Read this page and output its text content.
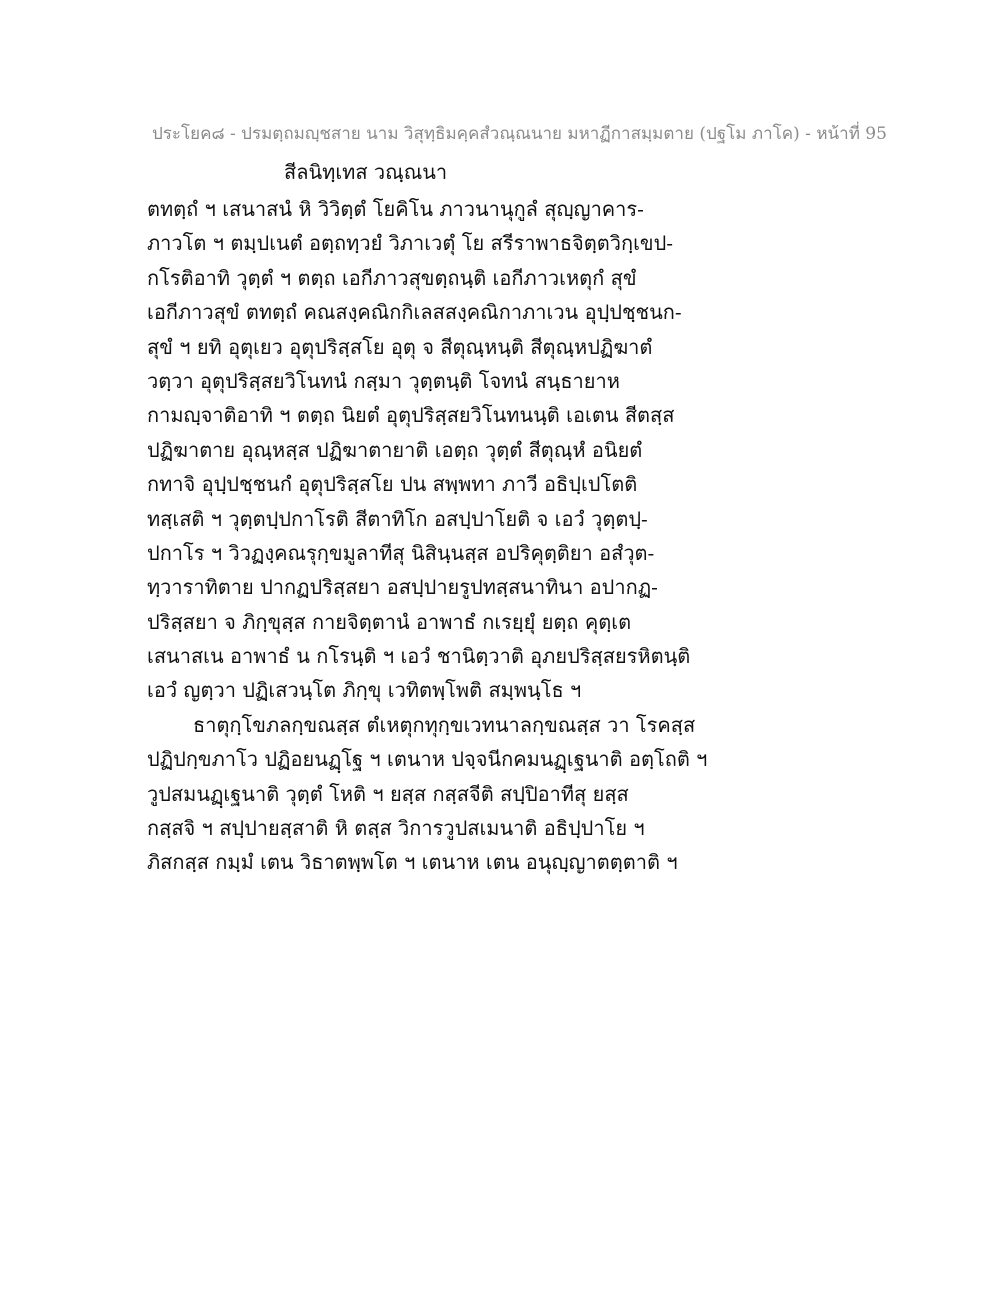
ประโยค๘ - ปรมตฺถมญฺชสาย นาม วิสุทฺธิมคฺคสํวณฺณนาย มหาฏีกาสมฺมตาย (ปฐโม ภาโค) - หน้าที่ 95
สีลนิทฺเทส วณฺณนา
ตทตฺถํ ฯ เสนาสนํ หิ วิวิตฺตํ โยคิโน ภาวนานุกูลํ สุญฺญาคาร-
ภาวโต ฯ ตมฺปเนตํ อตฺถทฺวยํ วิภาเวตุํ โย สรีราพาธจิตฺตวิกฺเขป-
กโรติอาทิ วุตฺตํ ฯ ตตฺถ เอกีภาวสุขตฺถนฺติ เอกีภาวเหตุกํ สุขํ
เอกีภาวสุขํ ตทตฺถํ คณสงฺคณิกกิเลสสงฺคณิกาภาเวน อุปฺปชฺชนก-
สุขํ ฯ ยทิ อุตุเยว อุตุปริสฺสโย อุตุ จ สีตุณฺหนฺติ สีตุณฺหปฏิฆาตํ
วตฺวา อุตุปริสฺสยวิโนทนํ กสฺมา วุตฺตนฺติ โจทนํ สนฺธายาห
กามญฺจาติอาทิ ฯ ตตฺถ นิยตํ อุตุปริสฺสยวิโนทนนฺติ เอเตน สีตสฺส
ปฏิฆาตาย อุณฺหสฺส ปฏิฆาตายาติ เอตฺถ วุตฺตํ สีตุณฺหํ อนิยตํ
กทาจิ อุปฺปชฺชนกํ อุตุปริสฺสโย ปน สพฺพทา ภาวี อธิปฺเปโตติ
ทสฺเสติ ฯ วุตฺตปฺปกาโรติ สีตาทิโก อสปฺปาโยติ จ เอวํ วุตฺตปฺ-
ปกาโร ฯ วิวฏงฺคณรุกฺขมูลาทีสุ นิสินฺนสฺส อปริคุตฺติยา อสํวุต-
ทฺวาราทิตาย ปากฏปริสฺสยา อสปฺปายรูปทสฺสนาทินา อปากฏ-
ปริสฺสยา จ ภิกฺขุสฺส กายจิตฺตานํ อาพาธํ กเรยฺยุํ ยตฺถ คุตฺเต
เสนาสเน อาพาธํ น กโรนฺติ ฯ เอวํ ชานิตฺวาติ อุภยปริสฺสยรหิตนฺติ
เอวํ ญตฺวา ปฏิเสวนฺโต ภิกฺขุ เวทิตพฺโพติ สมฺพนฺโธ ฯ
ธาตุกฺโขภลกฺขณสฺส ตํเหตุกทุกฺขเวทนาลกฺขณสฺส วา โรคสฺส
ปฏิปกฺขภาโว ปฏิอยนฏฺโฐ ฯ เตนาห ปจฺจนีกคมนฏฺเฐนาติ อตฺโถติ ฯ
วูปสมนฏฺเฐนาติ วุตฺตํ โหติ ฯ ยสฺส กสฺสจีติ สปฺปิอาทีสุ ยสฺส
กสฺสจิ ฯ สปฺปายสฺสาติ หิ ตสฺส วิการวูปสเมนาติ อธิปฺปาโย ฯ
ภิสกสฺส กมฺมํ เตน วิธาตพฺพโต ฯ เตนาห เตน อนุญฺญาตตฺตาติ ฯ
